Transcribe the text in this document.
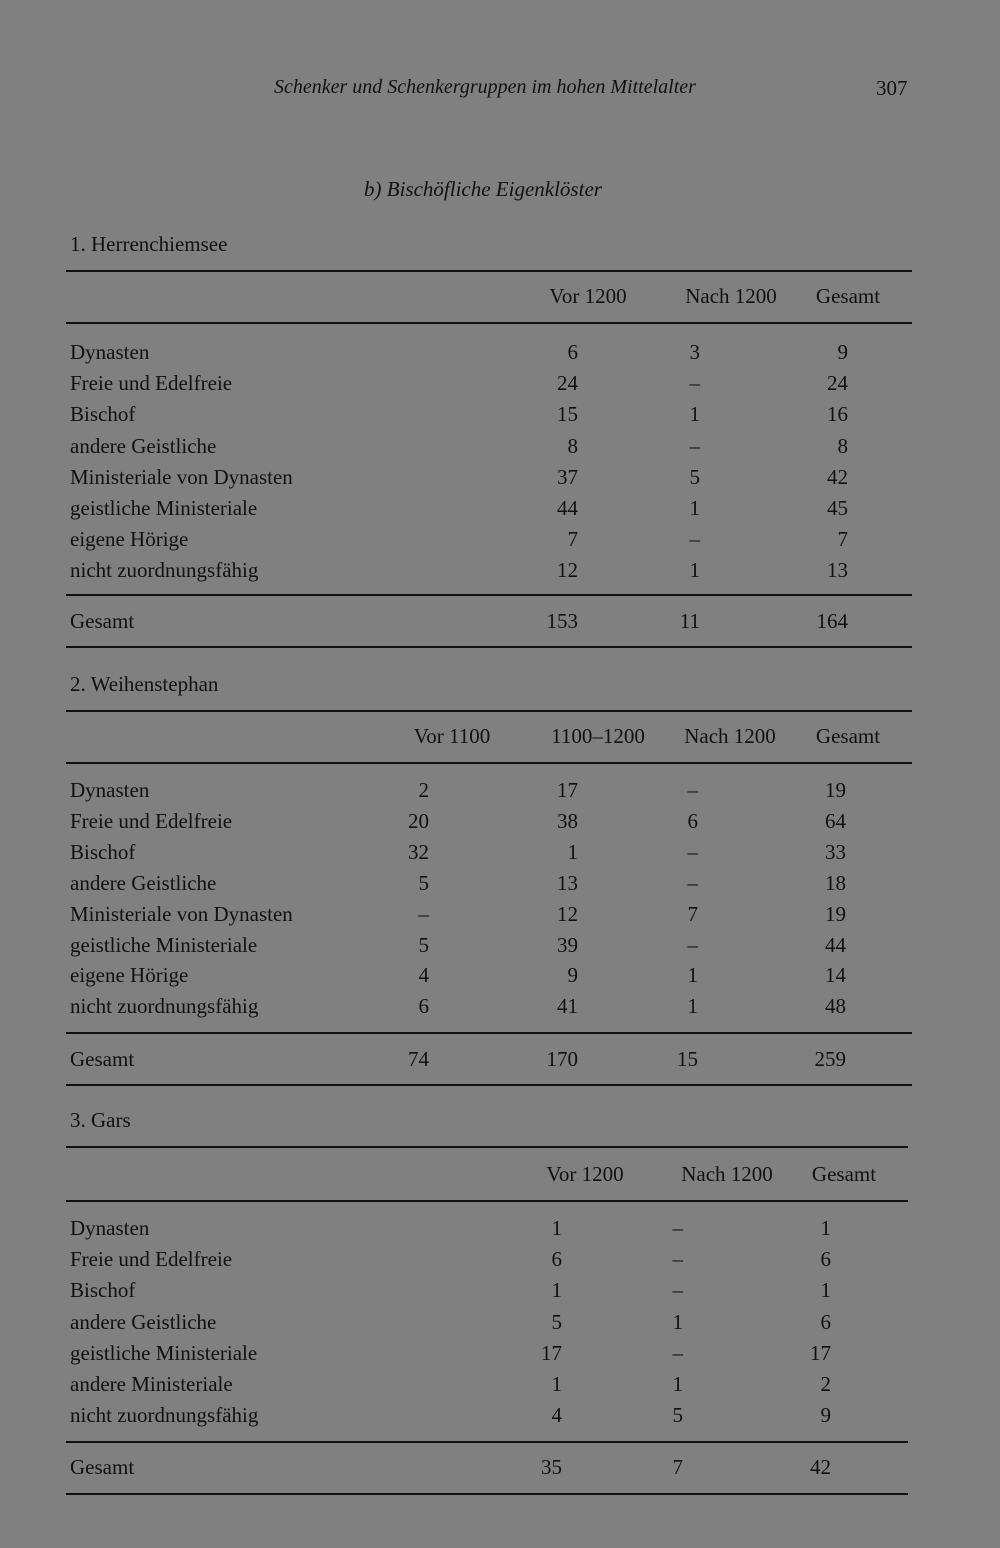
Schenker und Schenkergruppen im hohen Mittelalter	307
b) Bischöfliche Eigenklöster
1. Herrenchiemsee
Vor 1200	Nach 1200	Gesamt
Dynasten	6	3	9
Freie und Edelfreie	24	–	24
Bischof	15	1	16
andere Geistliche	8	–	8
Ministeriale von Dynasten	37	5	42
geistliche Ministeriale	44	1	45
eigene Hörige	7	–	7
nicht zuordnungsfähig	12	1	13
Gesamt	153	11	164
2. Weihenstephan
Vor 1100	1100–1200	Nach 1200	Gesamt
Dynasten	2	17	–	19
Freie und Edelfreie	20	38	6	64
Bischof	32	1	–	33
andere Geistliche	5	13	–	18
Ministeriale von Dynasten	–	12	7	19
geistliche Ministeriale	5	39	–	44
eigene Hörige	4	9	1	14
nicht zuordnungsfähig	6	41	1	48
Gesamt	74	170	15	259
3. Gars
Vor 1200	Nach 1200	Gesamt
Dynasten	1	–	1
Freie und Edelfreie	6	–	6
Bischof	1	–	1
andere Geistliche	5	1	6
geistliche Ministeriale	17	–	17
andere Ministeriale	1	1	2
nicht zuordnungsfähig	4	5	9
Gesamt	35	7	42
